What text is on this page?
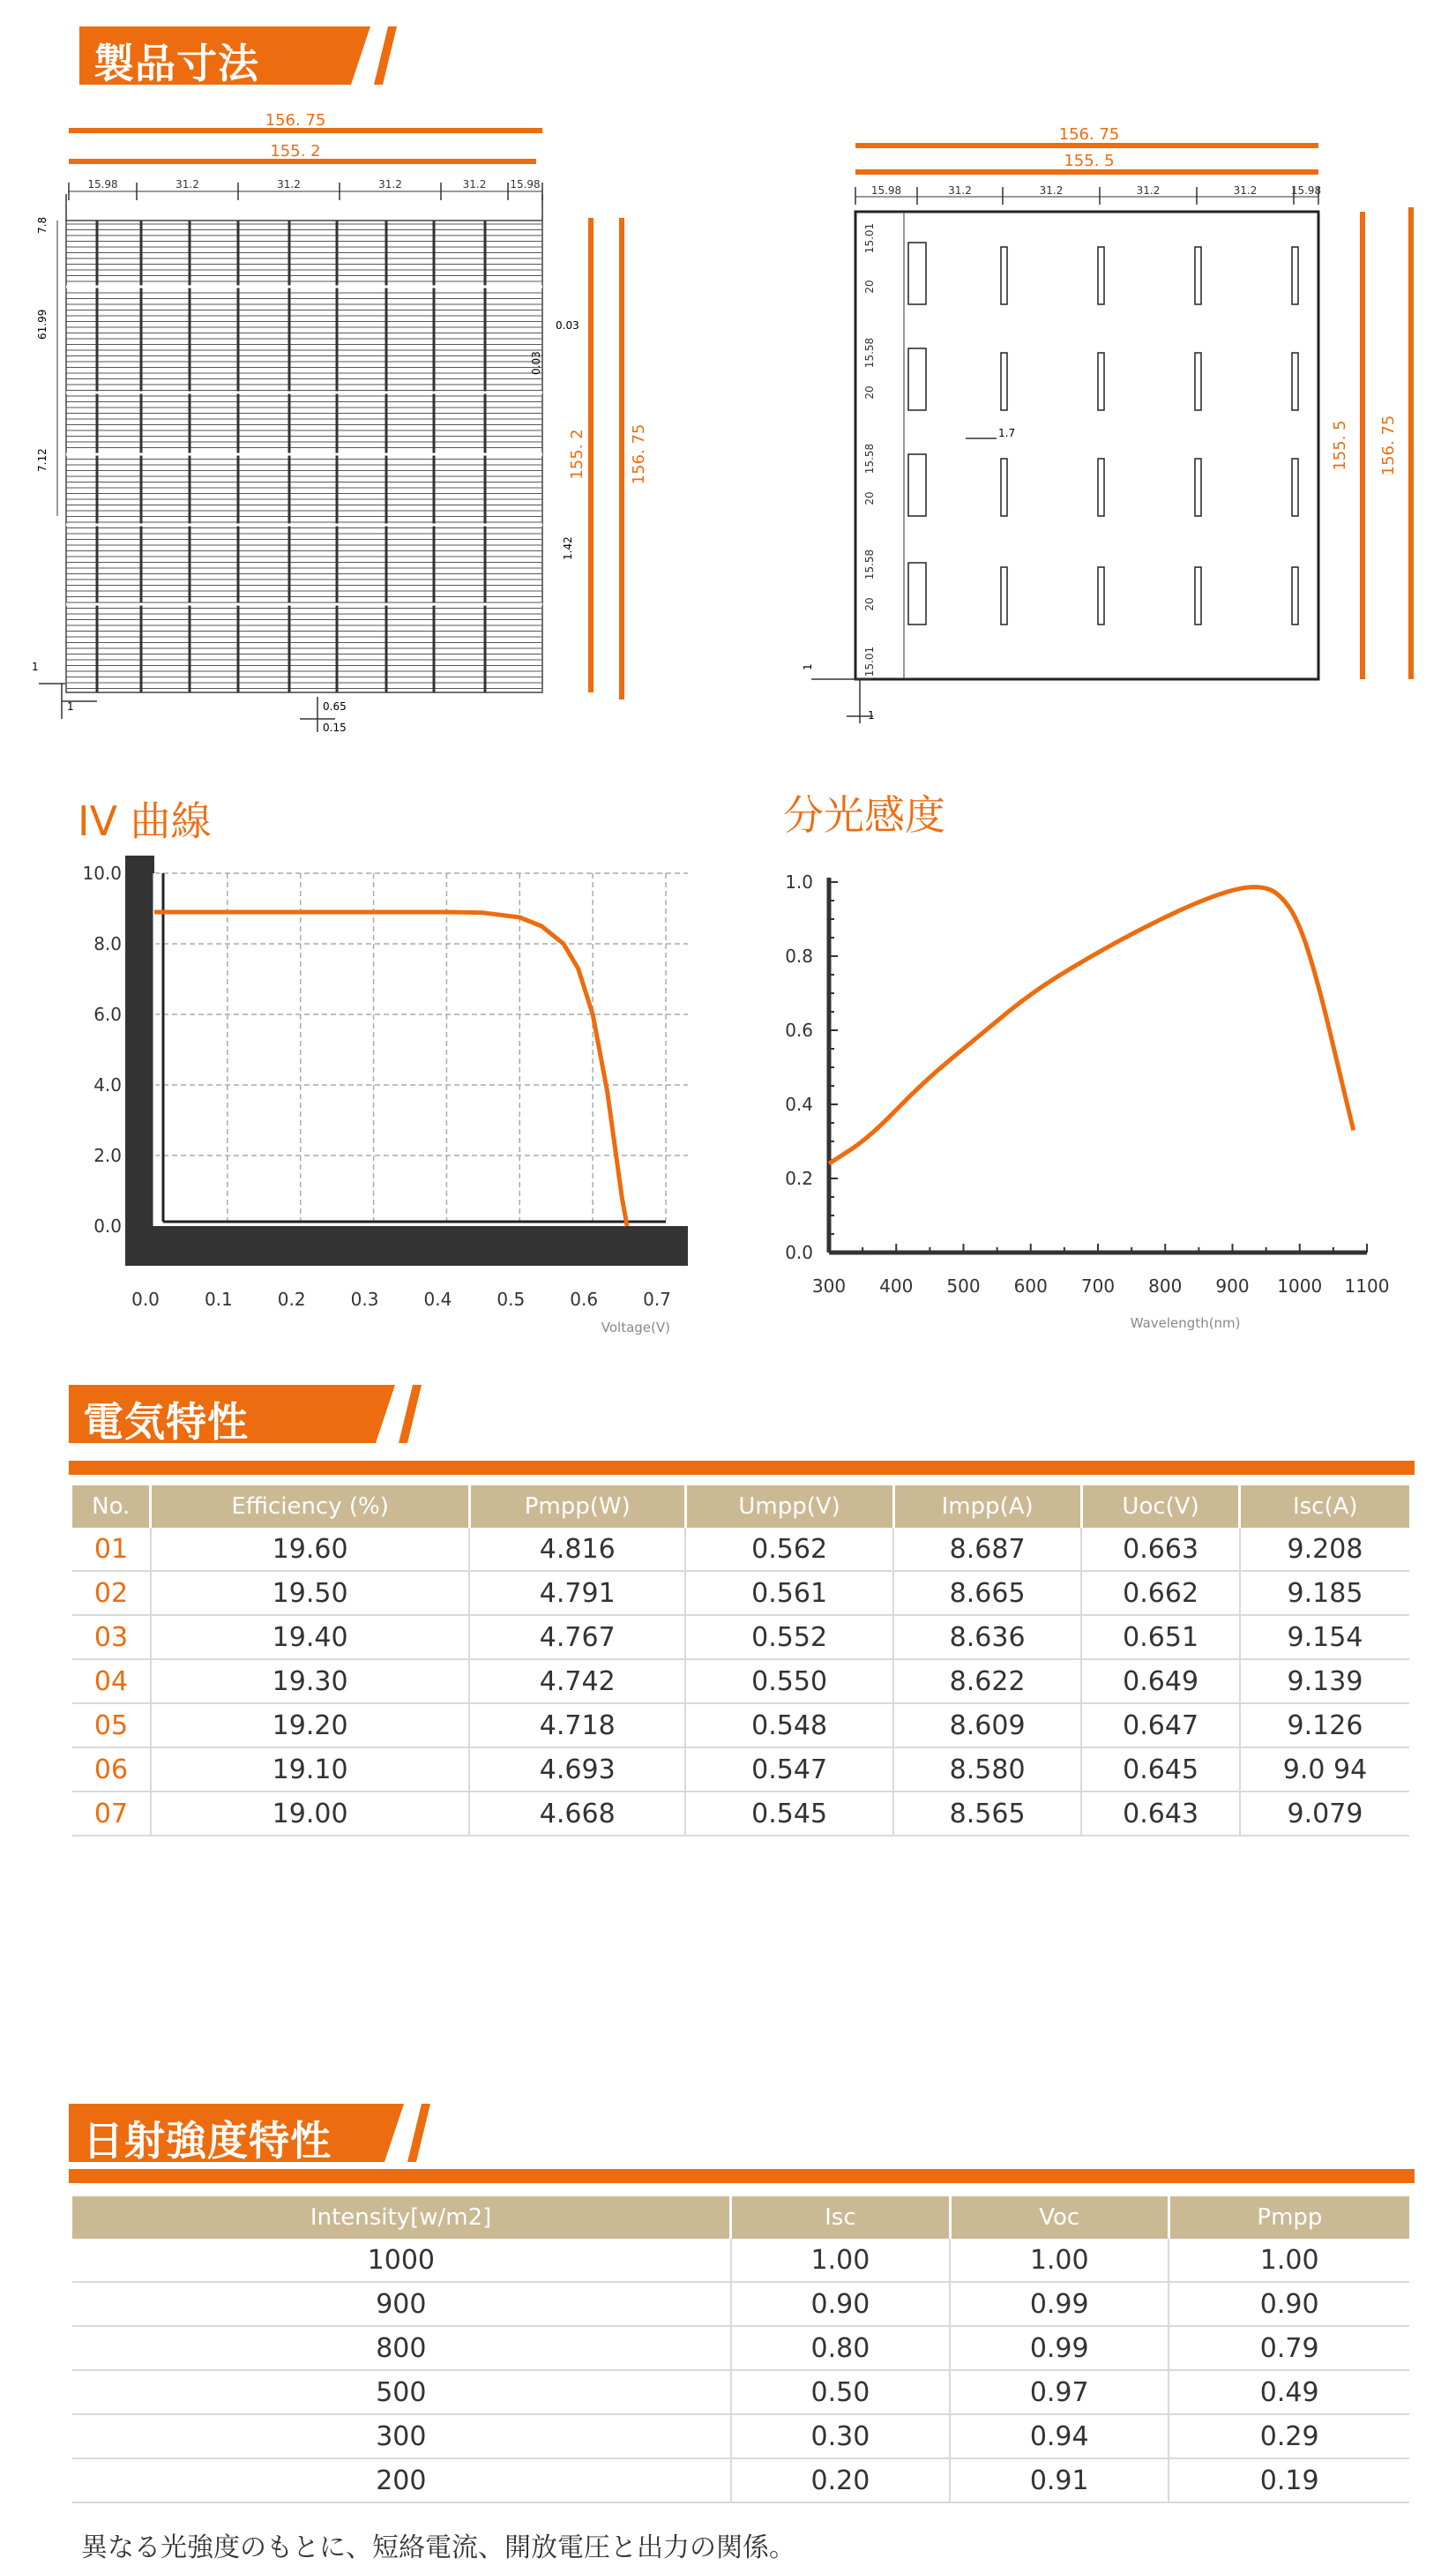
製品寸法
156. 75
155. 2
155. 2	156. 75
15.98	31.2	31.2	31.2	31.2 15.98
7.8
61.99
7.12
0.03
0.03
1.42
0.65
0.15
1
1
156. 75
155. 5
155. 5 156. 75
15.98	31.2	31.2	31.2	31.2	15.98
15.01
20
15.58
20
15.58
20
15.58
20
15.01
1.7
1
1
IV 曲線	分光感度
10.0
8.0
6.0
4.0
2.0
0.0
0.0	0.1	0.2	0.3	0.4	0.5	0.6	0.7
Voltage(V)
1.0
0.8
0.6
0.4
0.2
0.0
300 400 500 600 700 800 900 1000 1100
Wavelength(nm)
電気特性
No.	Efficiency (%)	Pmpp(W)	Umpp(V)	Impp(A)	Uoc(V)	Isc(A)
01	19.60	4.816	0.562	8.687	0.663	9.208
02	19.50	4.791	0.561	8.665	0.662	9.185
03	19.40	4.767	0.552	8.636	0.651	9.154
04	19.30	4.742	0.550	8.622	0.649	9.139
05	19.20	4.718	0.548	8.609	0.647	9.126
06	19.10	4.693	0.547	8.580	0.645	9.0 94
07	19.00	4.668	0.545	8.565	0.643	9.079
日射強度特性
Intensity[w/m2]	Isc	Voc	Pmpp
1000	1.00	1.00	1.00
900	0.90	0.99	0.90
800	0.80	0.99	0.79
500	0.50	0.97	0.49
300	0.30	0.94	0.29
200	0.20	0.91	0.19
異なる光強度のもとに、短絡電流、開放電圧と出力の関係。
